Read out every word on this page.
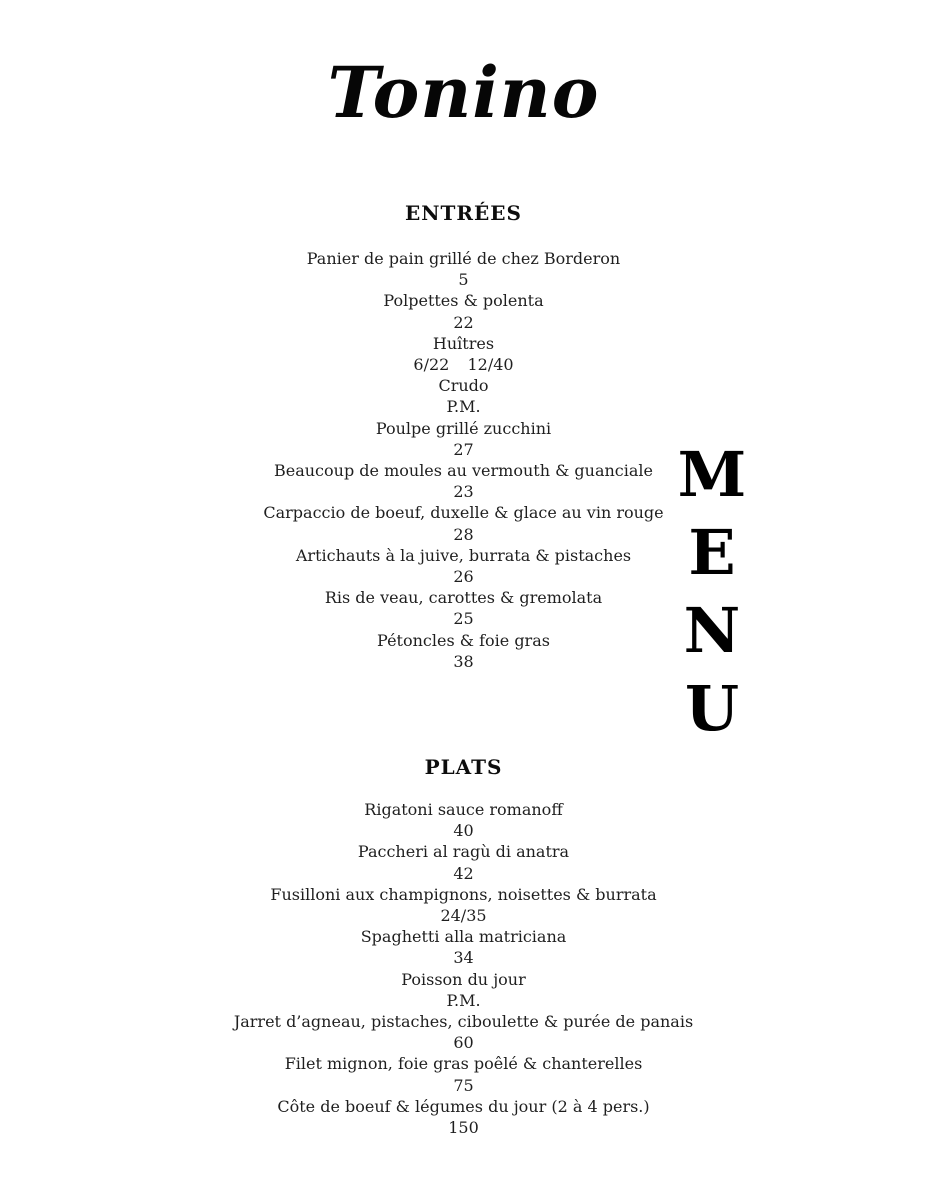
Tonino
M
E
N
U
ENTRÉES
Panier de pain grillé de chez Borderon
5
Polpettes & polenta
22
Huîtres
6/22   12/40
Crudo
P.M.
Poulpe grillé zucchini
27
Beaucoup de moules au vermouth & guanciale
23
Carpaccio de boeuf, duxelle & glace au vin rouge
28
Artichauts à la juive, burrata & pistaches
26
Ris de veau, carottes & gremolata
25
Pétoncles & foie gras
38
PLATS
Rigatoni sauce romanoff
40
Paccheri al ragù di anatra
42
Fusilloni aux champignons, noisettes & burrata
24/35
Spaghetti alla matriciana
34
Poisson du jour
P.M.
Jarret d’agneau, pistaches, ciboulette & purée de panais
60
Filet mignon, foie gras poêlé & chanterelles
75
Côte de boeuf & légumes du jour (2 à 4 pers.)
150
